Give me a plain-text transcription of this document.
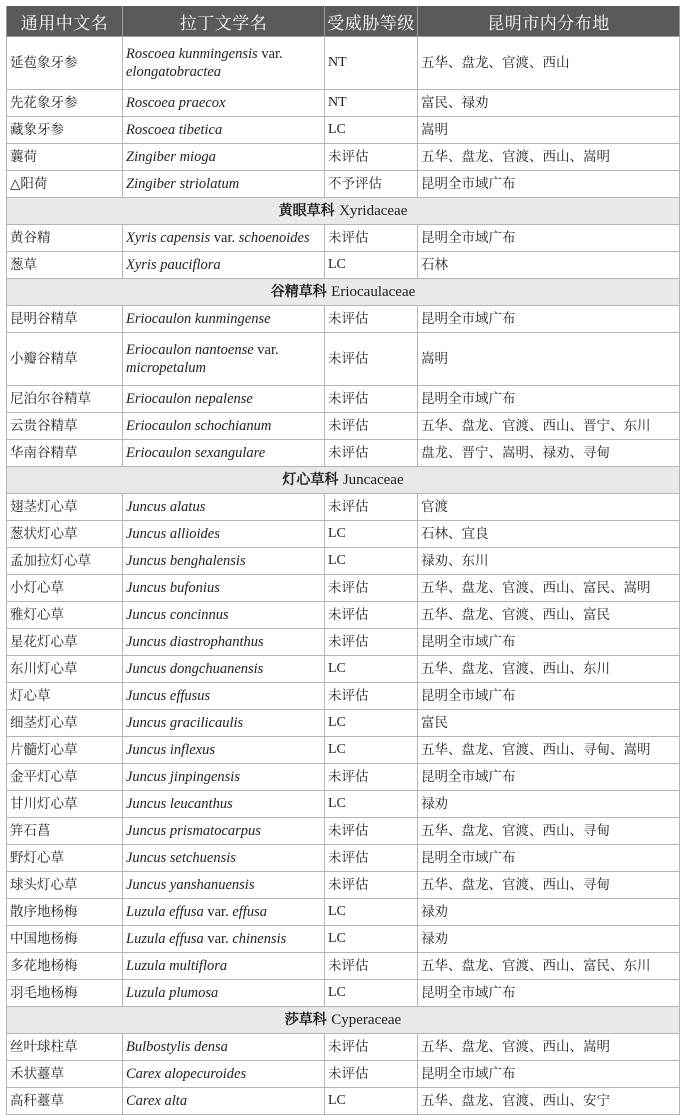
通用中文名	拉丁文学名	受威胁等级	昆明市内分布地
延苞象牙参	Roscoea kunmingensis var. elongatobractea	NT	五华、盘龙、官渡、西山
先花象牙参	Roscoea praecox	NT	富民、禄劝
藏象牙参	Roscoea tibetica	LC	嵩明
蘘荷	Zingiber mioga	未评估	五华、盘龙、官渡、西山、嵩明
△阳荷	Zingiber striolatum	不予评估	昆明全市域广布
黄眼草科 Xyridaceae			
黄谷精	Xyris capensis var. schoenoides	未评估	昆明全市域广布
葱草	Xyris pauciflora	LC	石林
谷精草科 Eriocaulaceae			
昆明谷精草	Eriocaulon kunmingense	未评估	昆明全市域广布
小瓣谷精草	Eriocaulon nantoense var. micropetalum	未评估	嵩明
尼泊尔谷精草	Eriocaulon nepalense	未评估	昆明全市域广布
云贵谷精草	Eriocaulon schochianum	未评估	五华、盘龙、官渡、西山、晋宁、东川
华南谷精草	Eriocaulon sexangulare	未评估	盘龙、晋宁、嵩明、禄劝、寻甸
灯心草科 Juncaceae			
翅茎灯心草	Juncus alatus	未评估	官渡
葱状灯心草	Juncus allioides	LC	石林、宜良
孟加拉灯心草	Juncus benghalensis	LC	禄劝、东川
小灯心草	Juncus bufonius	未评估	五华、盘龙、官渡、西山、富民、嵩明
雅灯心草	Juncus concinnus	未评估	五华、盘龙、官渡、西山、富民
星花灯心草	Juncus diastrophanthus	未评估	昆明全市域广布
东川灯心草	Juncus dongchuanensis	LC	五华、盘龙、官渡、西山、东川
灯心草	Juncus effusus	未评估	昆明全市域广布
细茎灯心草	Juncus gracilicaulis	LC	富民
片髓灯心草	Juncus inflexus	LC	五华、盘龙、官渡、西山、寻甸、嵩明
金平灯心草	Juncus jinpingensis	未评估	昆明全市域广布
甘川灯心草	Juncus leucanthus	LC	禄劝
笄石菖	Juncus prismatocarpus	未评估	五华、盘龙、官渡、西山、寻甸
野灯心草	Juncus setchuensis	未评估	昆明全市域广布
球头灯心草	Juncus yanshanuensis	未评估	五华、盘龙、官渡、西山、寻甸
散序地杨梅	Luzula effusa var. effusa	LC	禄劝
中国地杨梅	Luzula effusa var. chinensis	LC	禄劝
多花地杨梅	Luzula multiflora	未评估	五华、盘龙、官渡、西山、富民、东川
羽毛地杨梅	Luzula plumosa	LC	昆明全市域广布
莎草科 Cyperaceae			
丝叶球柱草	Bulbostylis densa	未评估	五华、盘龙、官渡、西山、嵩明
禾状薹草	Carex alopecuroides	未评估	昆明全市域广布
高秆薹草	Carex alta	LC	五华、盘龙、官渡、西山、安宁
